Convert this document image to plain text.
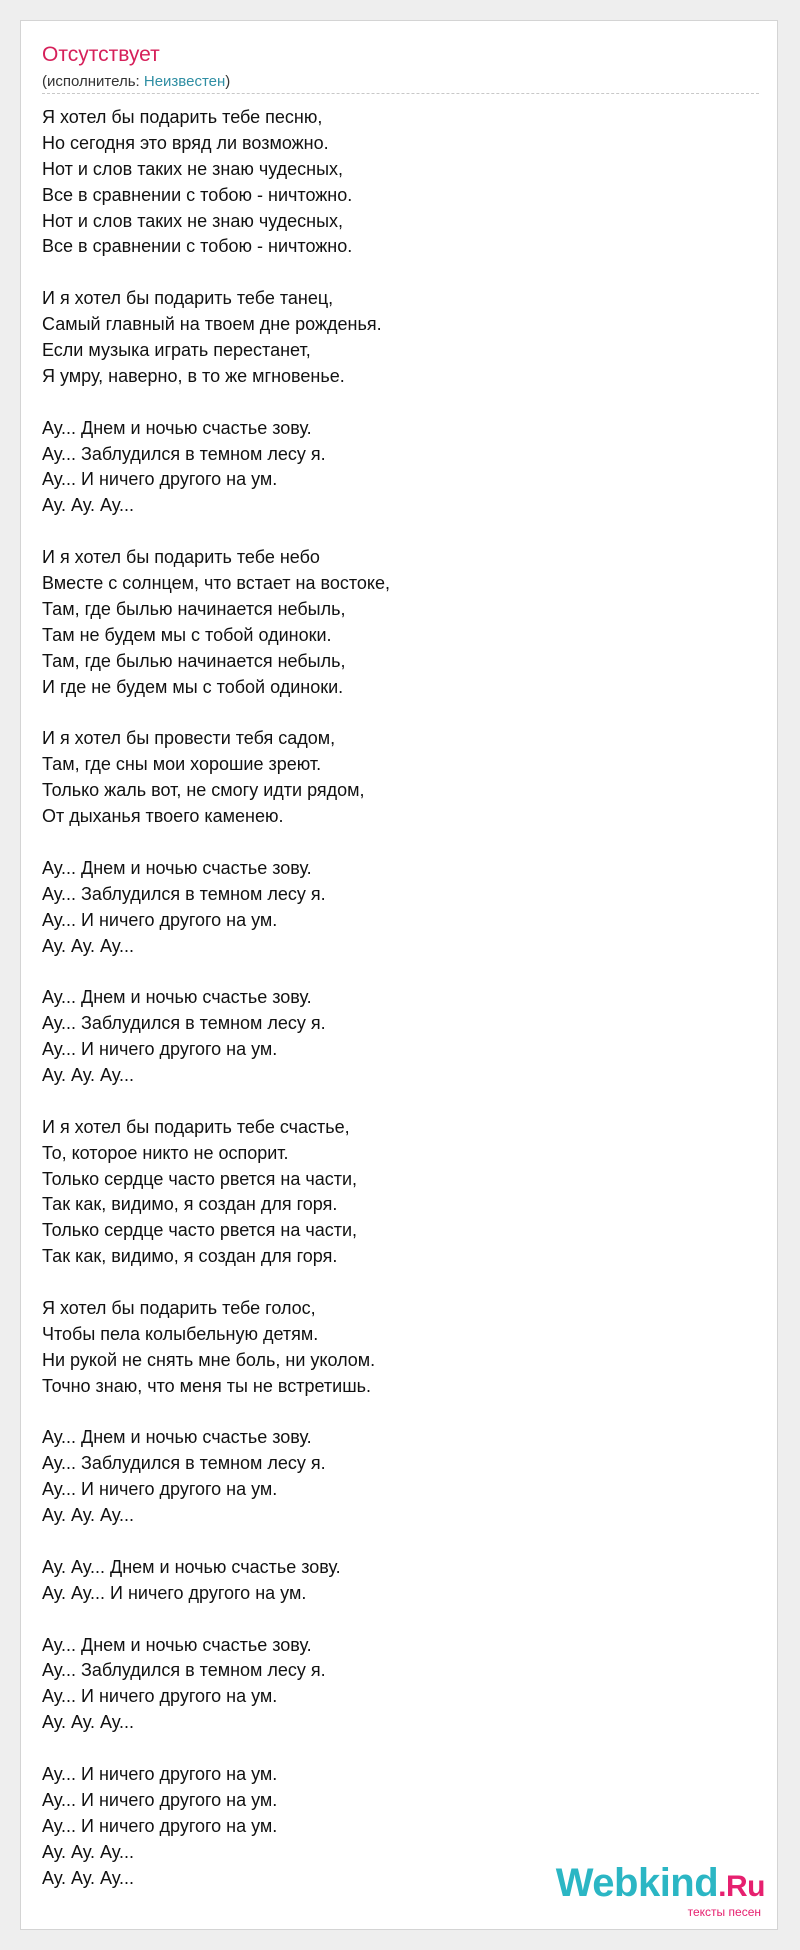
Отсутствует
(исполнитель: Неизвестен)
Я хотел бы подарить тебе песню,
Но сегодня это вряд ли возможно.
Нот и слов таких не знаю чудесных,
Все в сравнении с тобою - ничтожно.
Нот и слов таких не знаю чудесных,
Все в сравнении с тобою - ничтожно.
И я хотел бы подарить тебе танец,
Самый главный на твоем дне рожденья.
Если музыка играть перестанет,
Я умру, наверно, в то же мгновенье.
Ау... Днем и ночью счастье зову.
Ау... Заблудился в темном лесу я.
Ау... И ничего другого на ум.
Ау. Ау. Ау...
И я хотел бы подарить тебе небо
Вместе с солнцем, что встает на востоке,
Там, где былью начинается небыль,
Там не будем мы с тобой одиноки.
Там, где былью начинается небыль,
И где не будем мы с тобой одиноки.
И я хотел бы провести тебя садом,
Там, где сны мои хорошие зреют.
Только жаль вот, не смогу идти рядом,
От дыханья твоего каменею.
Ау... Днем и ночью счастье зову.
Ау... Заблудился в темном лесу я.
Ау... И ничего другого на ум.
Ау. Ау. Ау...
Ау... Днем и ночью счастье зову.
Ау... Заблудился в темном лесу я.
Ау... И ничего другого на ум.
Ау. Ау. Ау...
И я хотел бы подарить тебе счастье,
То, которое никто не оспорит.
Только сердце часто рвется на части,
Так как, видимо, я создан для горя.
Только сердце часто рвется на части,
Так как, видимо, я создан для горя.
Я хотел бы подарить тебе голос,
Чтобы пела колыбельную детям.
Ни рукой не снять мне боль, ни уколом.
Точно знаю, что меня ты не встретишь.
Ау... Днем и ночью счастье зову.
Ау... Заблудился в темном лесу я.
Ау... И ничего другого на ум.
Ау. Ау. Ау...
Ау. Ау... Днем и ночью счастье зову.
Ау. Ау... И ничего другого на ум.
Ау... Днем и ночью счастье зову.
Ау... Заблудился в темном лесу я.
Ау... И ничего другого на ум.
Ау. Ау. Ау...
Ау... И ничего другого на ум.
Ау... И ничего другого на ум.
Ау... И ничего другого на ум.
Ау. Ау. Ау...
Ау. Ау. Ау...	Webkind.Ru
тексты песен
